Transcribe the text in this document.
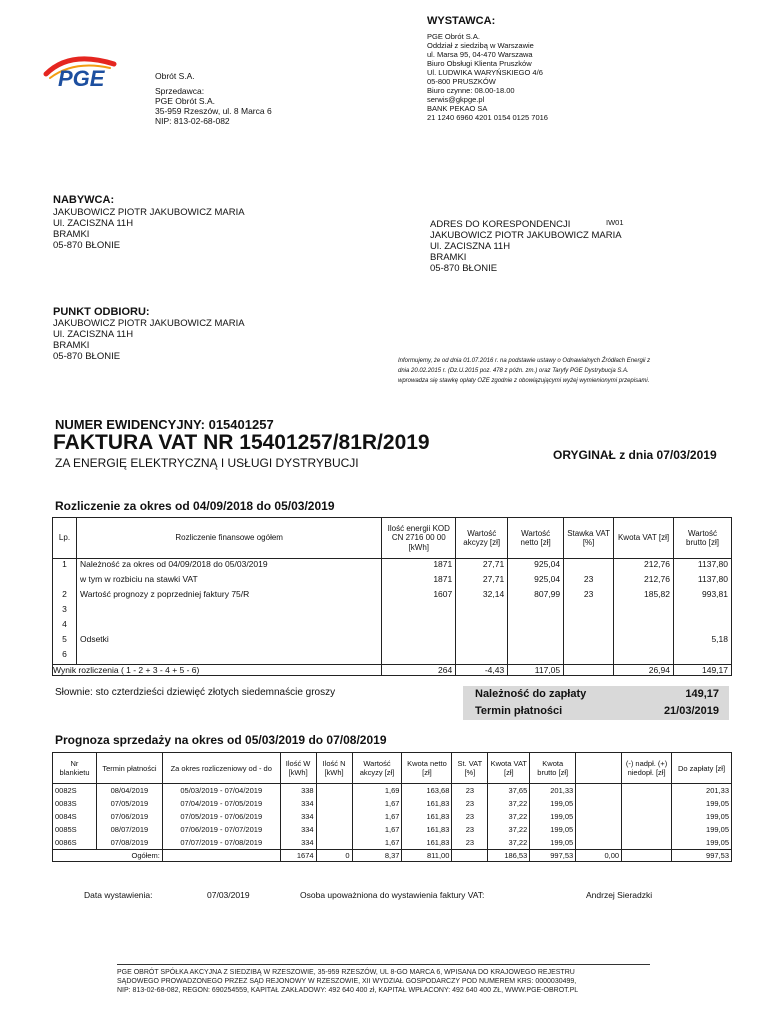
PGE	Obrót S.A.
Sprzedawca:
PGE Obrót S.A.
35-959 Rzeszów, ul. 8 Marca 6
NIP: 813-02-68-082
WYSTAWCA:
PGE Obrót S.A.
Oddział z siedzibą w Warszawie
ul. Marsa 95, 04-470 Warszawa
Biuro Obsługi Klienta Pruszków
Ul. LUDWIKA WARYŃSKIEGO 4/6
05-800 PRUSZKÓW
Biuro czynne: 08.00-18.00
serwis@gkpge.pl
BANK PEKAO SA
21 1240 6960 4201 0154 0125 7016
NABYWCA:
JAKUBOWICZ PIOTR JAKUBOWICZ MARIA
Ul. ZACISZNA 11H
BRAMKI
05-870 BŁONIE
ADRES DO KORESPONDENCJI	IW01
JAKUBOWICZ PIOTR JAKUBOWICZ MARIA
Ul. ZACISZNA 11H
BRAMKI
05-870 BŁONIE
PUNKT ODBIORU:
JAKUBOWICZ PIOTR JAKUBOWICZ MARIA
Ul. ZACISZNA 11H
BRAMKI
05-870 BŁONIE	Informujemy, że od dnia 01.07.2016 r. na podstawie ustawy o Odnawialnych Źródłach Energii z
dnia 20.02.2015 r. (Dz.U.2015 poz. 478 z późn. zm.) oraz Taryfy PGE Dystrybucja S.A.
wprowadza się stawkę opłaty OZE zgodnie z obowiązującymi wyżej wymienionymi przepisami.
NUMER EWIDENCYJNY: 015401257
FAKTURA VAT NR 15401257/81R/2019
ZA ENERGIĘ ELEKTRYCZNĄ I USŁUGI DYSTRYBUCJI
ORYGINAŁ z dnia 07/03/2019
Rozliczenie za okres od 04/09/2018 do 05/03/2019
Lp.	Rozliczenie finansowe ogółem	Ilość energii KOD CN 2716 00 00 [kWh]	Wartość akcyzy [zł]	Wartość netto [zł]	Stawka VAT [%]	Kwota VAT [zł]	Wartość brutto [zł]
1	Należność za okres od 04/09/2018 do 05/03/2019	1871	27,71	925,04		212,76	1137,80
	w tym w rozbiciu na stawki VAT	1871	27,71	925,04	23	212,76	1137,80
2	Wartość prognozy z poprzedniej faktury 75/R	1607	32,14	807,99	23	185,82	993,81
3							
4							
5	Odsetki						5,18
6							
Wynik rozliczenia ( 1 - 2 + 3 - 4 + 5 - 6)		264	-4,43	117,05		26,94	149,17
Słownie: sto czterdzieści dziewięć złotych siedemnaście groszy	Należność do zapłaty	149,17
Termin płatności	21/03/2019
Prognoza sprzedaży na okres od 05/03/2019 do 07/08/2019
Nr blankietu	Termin płatności	Za okres rozliczeniowy od - do	Ilość W [kWh]	Ilość N [kWh]	Wartość akcyzy [zł]	Kwota netto [zł]	St. VAT [%]	Kwota VAT [zł]	Kwota brutto [zł]		(-) nadpł. (+) niedopł. [zł]	Do zapłaty [zł]
0082S	08/04/2019	05/03/2019 - 07/04/2019	338		1,69	163,68	23	37,65	201,33			201,33
0083S	07/05/2019	07/04/2019 - 07/05/2019	334		1,67	161,83	23	37,22	199,05			199,05
0084S	07/06/2019	07/05/2019 - 07/06/2019	334		1,67	161,83	23	37,22	199,05			199,05
0085S	08/07/2019	07/06/2019 - 07/07/2019	334		1,67	161,83	23	37,22	199,05			199,05
0086S	07/08/2019	07/07/2019 - 07/08/2019	334		1,67	161,83	23	37,22	199,05			199,05
Ogółem:			1674	0	8,37	811,00		186,53	997,53	0,00		997,53
Data wystawienia:	07/03/2019	Osoba upoważniona do wystawienia faktury VAT:	Andrzej Sieradzki
PGE OBRÓT SPÓŁKA AKCYJNA Z SIEDZIBĄ W RZESZOWIE, 35-959 RZESZÓW, UL 8-GO MARCA 6, WPISANA DO KRAJOWEGO REJESTRU
SĄDOWEGO PROWADZONEGO PRZEZ SĄD REJONOWY W RZESZOWIE, XII WYDZIAŁ GOSPODARCZY POD NUMEREM KRS: 0000030499,
NIP: 813-02-68-082, REGON: 690254559, KAPITAŁ ZAKŁADOWY: 492 640 400 zł, KAPITAŁ WPŁACONY: 492 640 400 ZŁ, WWW.PGE-OBROT.PL
